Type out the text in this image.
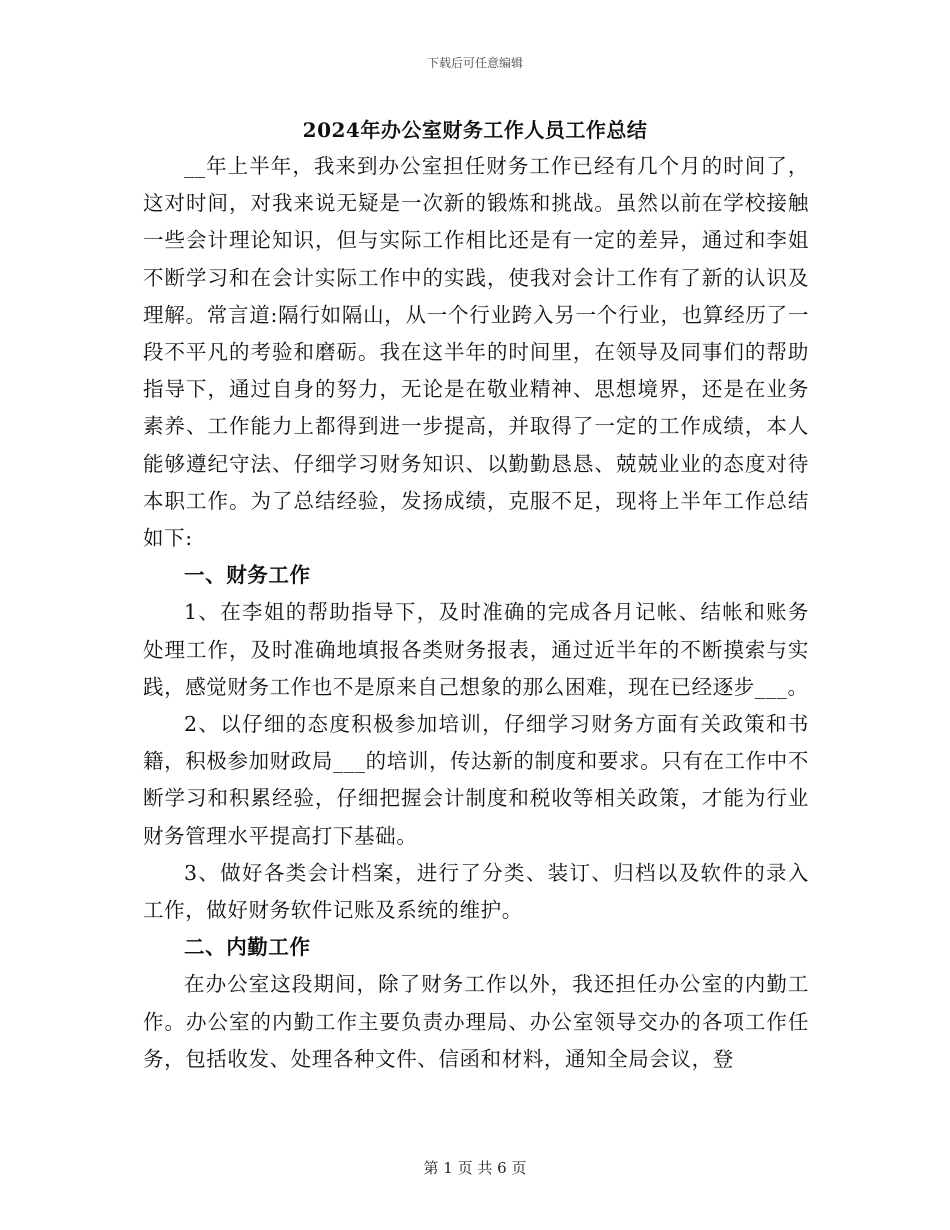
下载后可任意编辑
2024年办公室财务工作人员工作总结

__年上半年，我来到办公室担任财务工作已经有几个月的时间了，这对时间，对我来说无疑是一次新的锻炼和挑战。虽然以前在学校接触一些会计理论知识，但与实际工作相比还是有一定的差异，通过和李姐不断学习和在会计实际工作中的实践，使我对会计工作有了新的认识及理解。常言道:隔行如隔山，从一个行业跨入另一个行业，也算经历了一段不平凡的考验和磨砺。我在这半年的时间里，在领导及同事们的帮助指导下，通过自身的努力，无论是在敬业精神、思想境界，还是在业务素养、工作能力上都得到进一步提高，并取得了一定的工作成绩，本人能够遵纪守法、仔细学习财务知识、以勤勤恳恳、兢兢业业的态度对待本职工作。为了总结经验，发扬成绩，克服不足，现将上半年工作总结如下:

一、财务工作

1、在李姐的帮助指导下，及时准确的完成各月记帐、结帐和账务处理工作，及时准确地填报各类财务报表，通过近半年的不断摸索与实践，感觉财务工作也不是原来自己想象的那么困难，现在已经逐步___。

2、以仔细的态度积极参加培训，仔细学习财务方面有关政策和书籍，积极参加财政局___的培训，传达新的制度和要求。只有在工作中不断学习和积累经验，仔细把握会计制度和税收等相关政策，才能为行业财务管理水平提高打下基础。

3、做好各类会计档案，进行了分类、装订、归档以及软件的录入工作，做好财务软件记账及系统的维护。

二、内勤工作

在办公室这段期间，除了财务工作以外，我还担任办公室的内勤工作。办公室的内勤工作主要负责办理局、办公室领导交办的各项工作任务，包括收发、处理各种文件、信函和材料，通知全局会议，登

第 1 页 共 6 页
